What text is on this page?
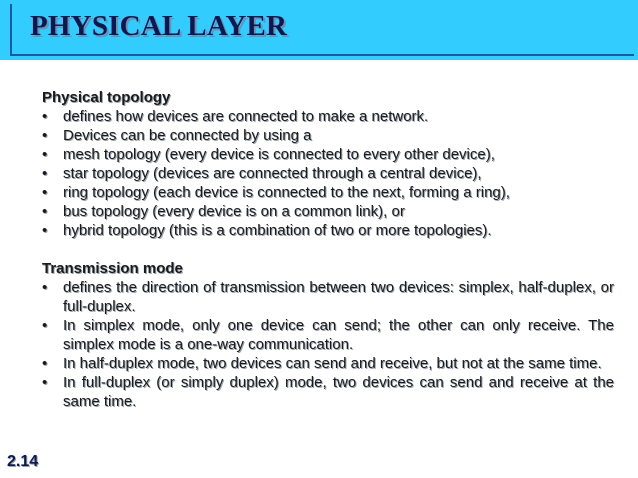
PHYSICAL LAYER

Physical topology

• defines how devices are connected to make a network.
• Devices can be connected by using a
• mesh topology (every device is connected to every other device),
• star topology (devices are connected through a central device),
• ring topology (each device is connected to the next, forming a ring),
• bus topology (every device is on a common link), or
• hybrid topology (this is a combination of two or more topologies).

Transmission mode

• defines the direction of transmission between two devices: simplex, half-duplex, or full-duplex.
• In simplex mode, only one device can send; the other can only receive. The simplex mode is a one-way communication.
• In half-duplex mode, two devices can send and receive, but not at the same time.
• In full-duplex (or simply duplex) mode, two devices can send and receive at the same time.
2.14
